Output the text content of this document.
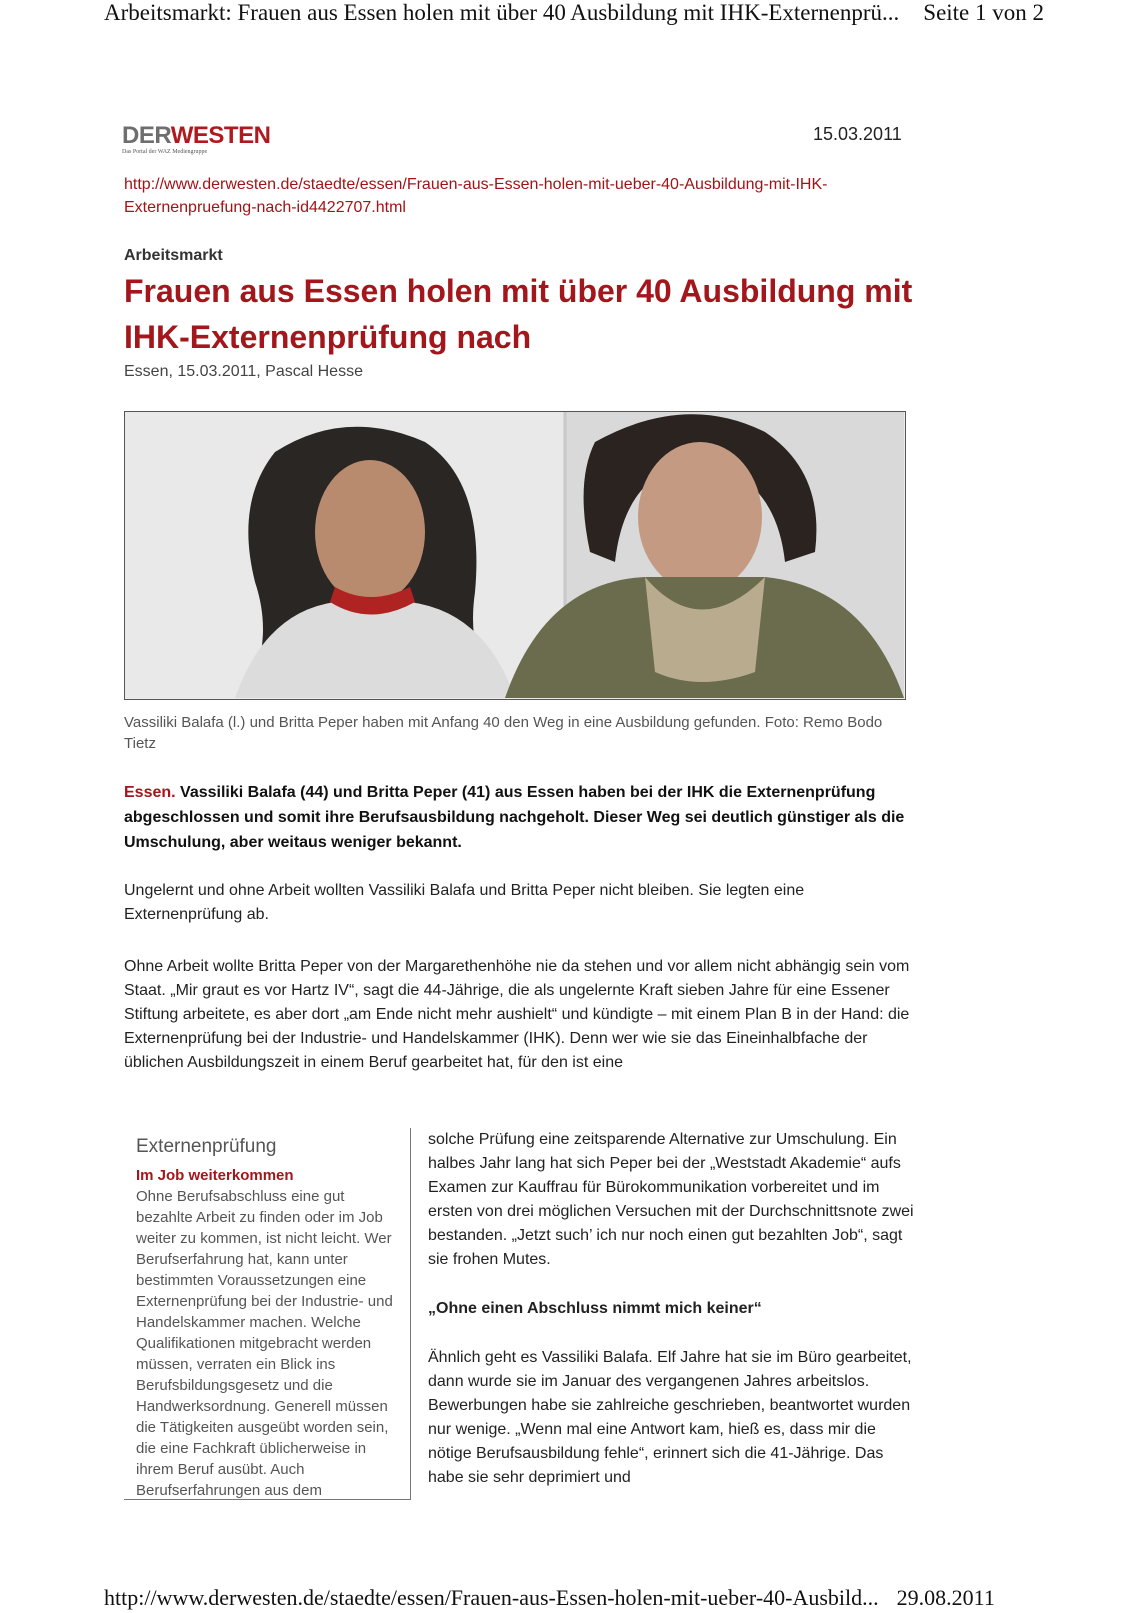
Arbeitsmarkt: Frauen aus Essen holen mit über 40 Ausbildung mit IHK-Externenprü... Seite 1 von 2
DERWESTEN
Das Portal der WAZ Mediengruppe
15.03.2011
http://www.derwesten.de/staedte/essen/Frauen-aus-Essen-holen-mit-ueber-40-Ausbildung-mit-IHK-Externenpruefung-nach-id4422707.html
Arbeitsmarkt
Frauen aus Essen holen mit über 40 Ausbildung mit IHK-Externenprüfung nach
Essen, 15.03.2011, Pascal Hesse
Vassiliki Balafa (l.) und Britta Peper haben mit Anfang 40 den Weg in eine Ausbildung gefunden. Foto: Remo Bodo Tietz
Essen. Vassiliki Balafa (44) und Britta Peper (41) aus Essen haben bei der IHK die Externenprüfung abgeschlossen und somit ihre Berufsausbildung nachgeholt. Dieser Weg sei deutlich günstiger als die Umschulung, aber weitaus weniger bekannt.

Ungelernt und ohne Arbeit wollten Vassiliki Balafa und Britta Peper nicht bleiben. Sie legten eine Externenprüfung ab.

Ohne Arbeit wollte Britta Peper von der Margarethenhöhe nie da stehen und vor allem nicht abhängig sein vom Staat. „Mir graut es vor Hartz IV“, sagt die 44-Jährige, die als ungelernte Kraft sieben Jahre für eine Essener Stiftung arbeitete, es aber dort „am Ende nicht mehr aushielt“ und kündigte – mit einem Plan B in der Hand: die Externenprüfung bei der Industrie- und Handelskammer (IHK). Denn wer wie sie das Eineinhalbfache der üblichen Ausbildungszeit in einem Beruf gearbeitet hat, für den ist eine

Externenprüfung
Im Job weiterkommen
Ohne Berufsabschluss eine gut bezahlte Arbeit zu finden oder im Job weiter zu kommen, ist nicht leicht. Wer Berufserfahrung hat, kann unter bestimmten Voraussetzungen eine Externenprüfung bei der Industrie- und Handelskammer machen. Welche Qualifikationen mitgebracht werden müssen, verraten ein Blick ins Berufsbildungsgesetz und die Handwerksordnung. Generell müssen die Tätigkeiten ausgeübt worden sein, die eine Fachkraft üblicherweise in ihrem Beruf ausübt. Auch Berufserfahrungen aus dem

solche Prüfung eine zeitsparende Alternative zur Umschulung. Ein halbes Jahr lang hat sich Peper bei der „Weststadt Akademie“ aufs Examen zur Kauffrau für Bürokommunikation vorbereitet und im ersten von drei möglichen Versuchen mit der Durchschnittsnote zwei bestanden. „Jetzt such’ ich nur noch einen gut bezahlten Job“, sagt sie frohen Mutes.

„Ohne einen Abschluss nimmt mich keiner“

Ähnlich geht es Vassiliki Balafa. Elf Jahre hat sie im Büro gearbeitet, dann wurde sie im Januar des vergangenen Jahres arbeitslos. Bewerbungen habe sie zahlreiche geschrieben, beantwortet wurden nur wenige. „Wenn mal eine Antwort kam, hieß es, dass mir die nötige Berufsausbildung fehle“, erinnert sich die 41-Jährige. Das habe sie sehr deprimiert und

http://www.derwesten.de/staedte/essen/Frauen-aus-Essen-holen-mit-ueber-40-Ausbild... 29.08.2011
